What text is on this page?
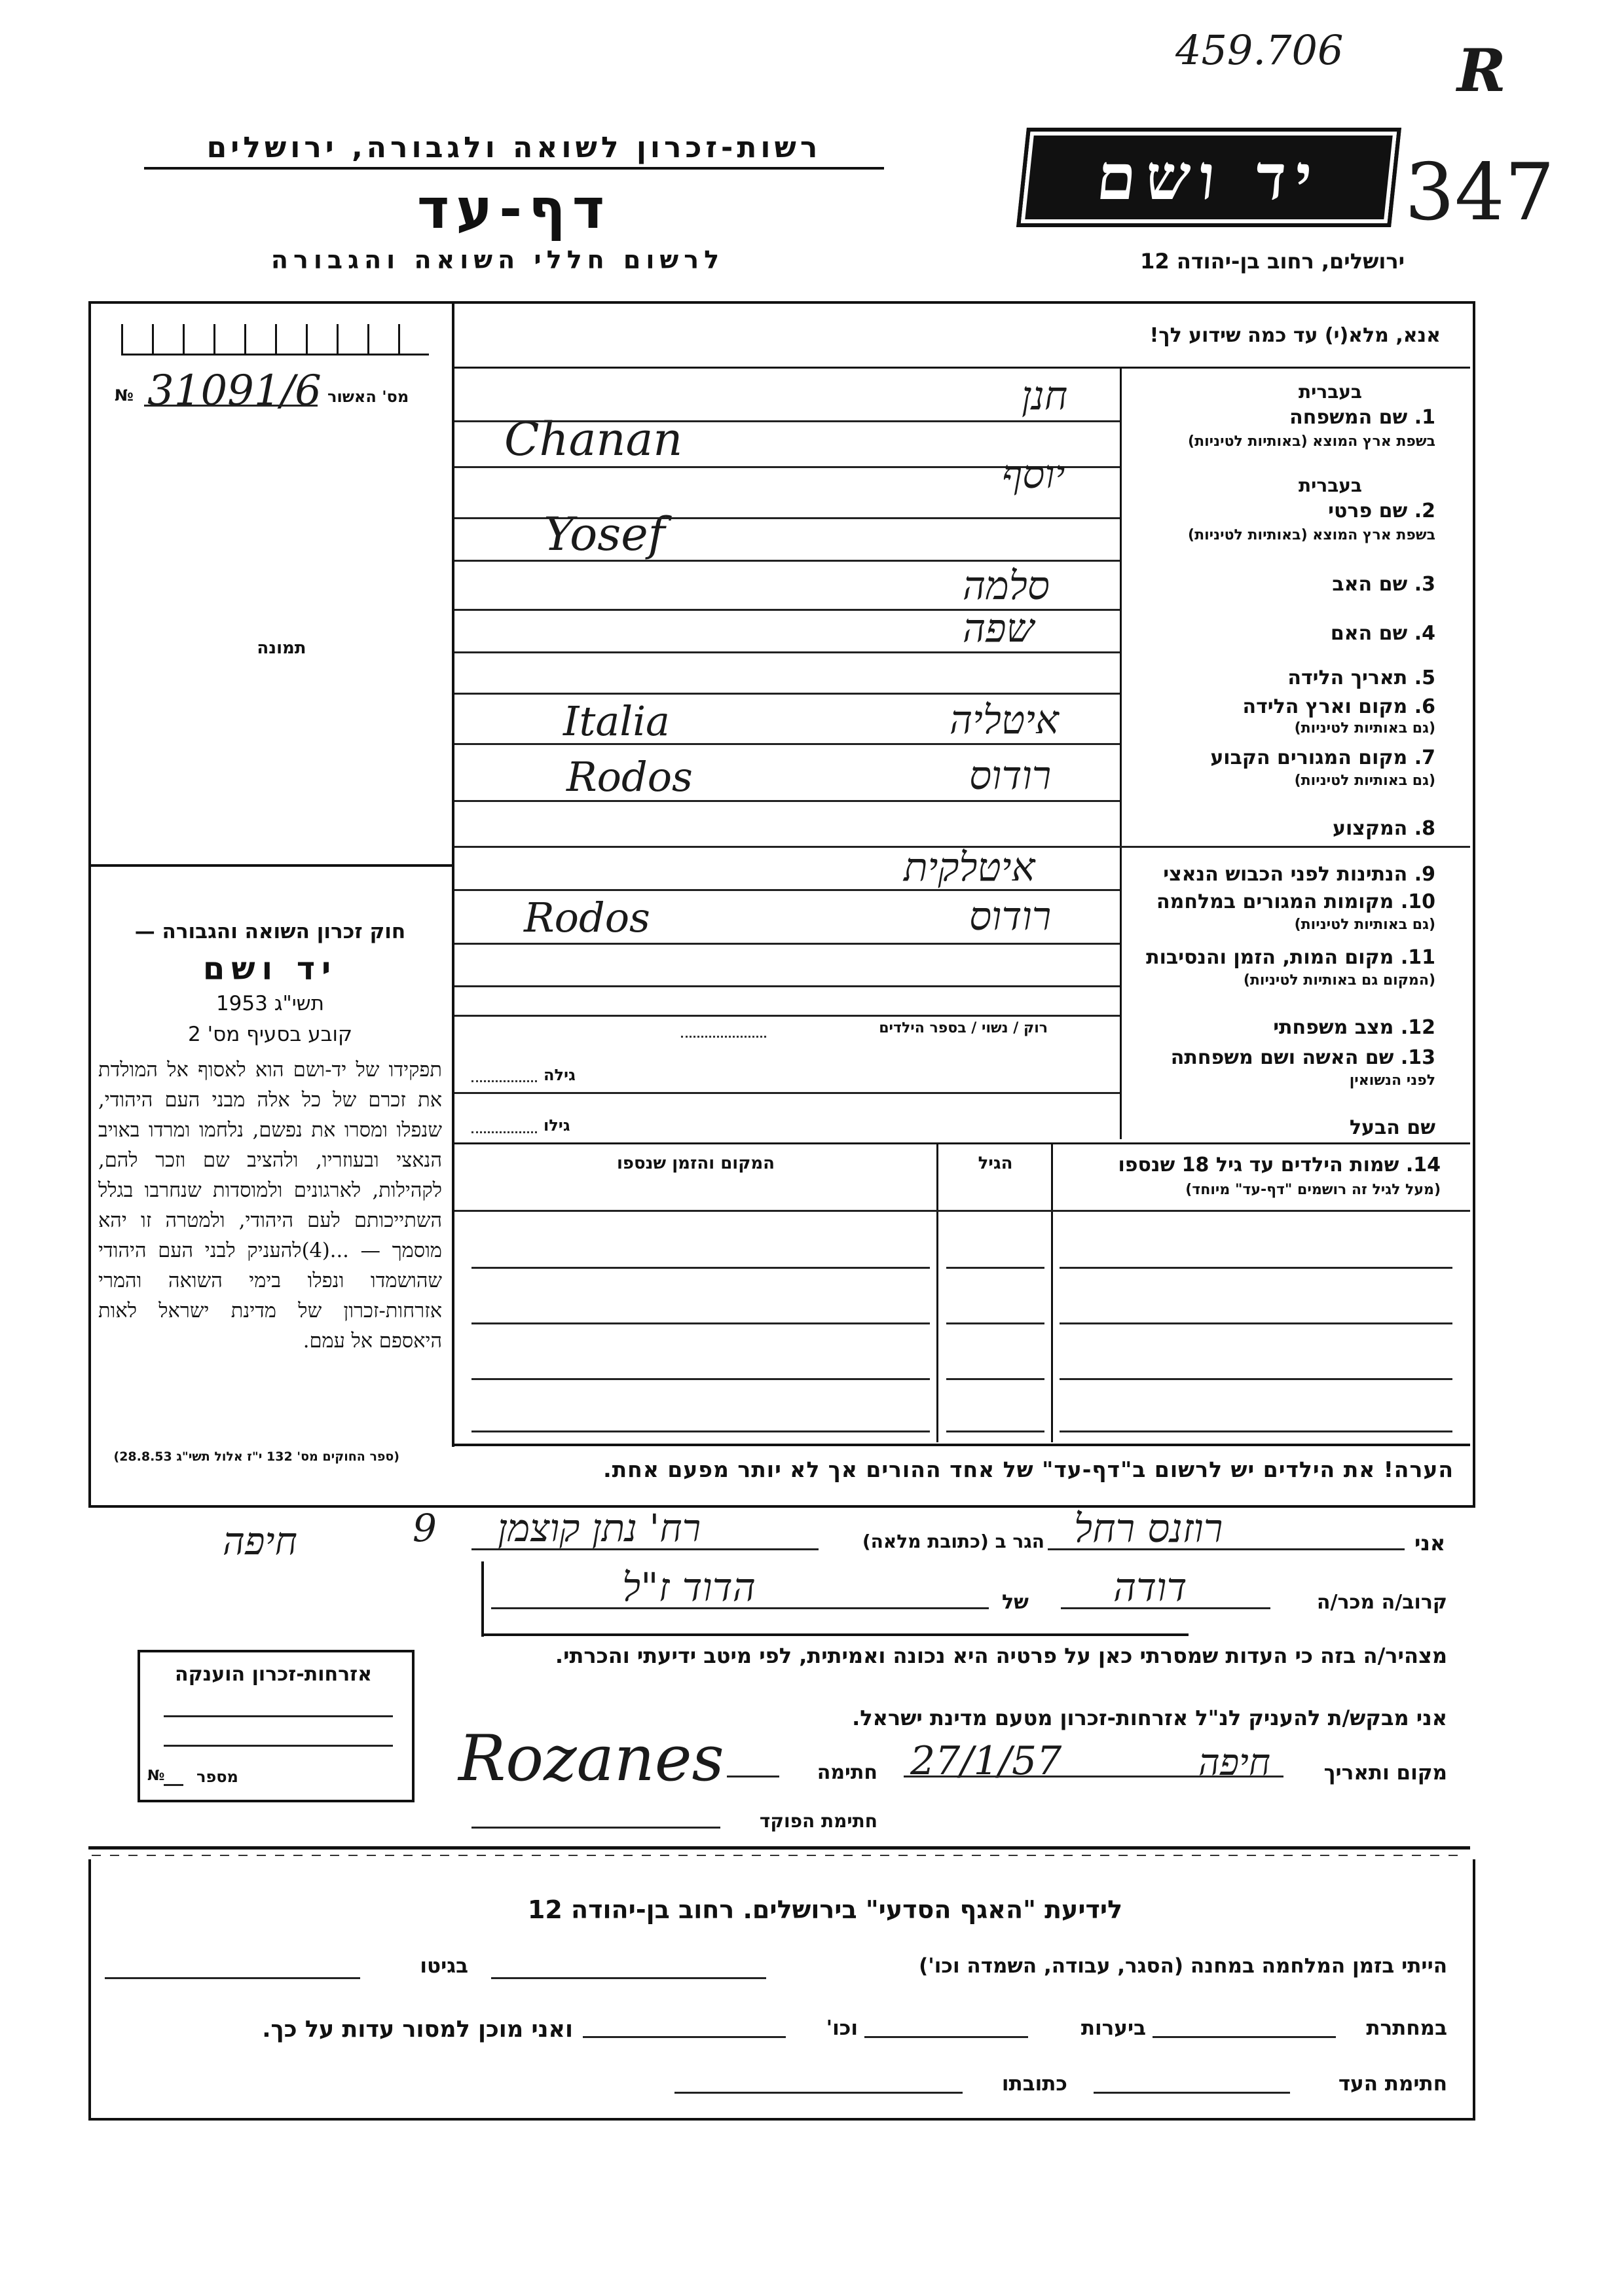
459.706 R
347
רשות-זכרון לשואה ולגבורה, ירושלים
דף-עד
לרשום חללי השואה והגבורה
יד ושם
ירושלים, רחוב בן-יהודה 12
אנא, מלא(י) עד כמה שידוע לך!
№ 31091/6 מס' האשור
תמונה
חוק זכרון השואה והגבורה —
יד ושם
תשי"ג 1953
קובע בסעיף מס' 2
תפקידו של יד-ושם הוא לאסוף אל המולדת את זכרם של כל אלה מבני העם היהודי, שנפלו ומסרו את נפשם, נלחמו ומרדו באויב הנאצי ובעוזריו, ולהציב שם וזכר להם, לקהילות, לארגונים ולמוסדות שנחרבו בגלל השתייכותם לעם היהודי, ולמטרה זו יהא מוסמך — ...(4)להעניק לבני העם היהודי שהושמדו ונפלו בימי השואה והמרי אזרחות-זכרון של מדינת ישראל לאות היאספם אל עמם.
(ספר החוקים מס' 132 י"ז אלול תשי"ג 28.8.53)
1. שם המשפחה
בעברית
בשפת ארץ המוצא (באותיות לטיניות)
חנן
Chanan
2. שם פרטי
בעברית
בשפת ארץ המוצא (באותיות לטיניות)
יוסף
Yosef
3. שם האב
סלמה
4. שם האם
שפה
5. תאריך הלידה
6. מקום וארץ הלידה
(גם באותיות לטיניות)
איטליה
Italia
7. מקום המגורים הקבוע
(גם באותיות לטיניות)
רודוס
Rodos
8. המקצוע
9. הנתינות לפני הכבוש הנאצי
איטלקית
10. מקומות המגורים במלחמה
(גם באותיות לטיניות)
רודוס
Rodos
11. מקום המות, הזמן והנסיבות
(המקום גם באותיות לטיניות)
12. מצב משפחתי
רוק / נשוי / בספר הילדים
13. שם האשה ושם משפחתה
לפני הנשואין
גילה
שם הבעל
גילו
14. שמות הילדים עד גיל 18 שנספו
(מעל לגיל זה רושמים "דף-עד" מיוחד)
הגיל
המקום והזמן שנספו
הערה! את הילדים יש לרשום ב"דף-עד" של אחד ההורים אך לא יותר מפעם אחת.
אני
רוזנס רחל
הגר ב (כתובת מלאה)
רח' נתן קוצמן
חיפה	9
קרוב/ה מכר/ה
דודה
של
הדוד ז"ל
מצהיר/ה בזה כי העדות שמסרתי כאן על פרטיה היא נכונה ואמיתית, לפי מיטב ידיעתי והכרתי.
אני מבקש/ת להעניק לנ"ל אזרחות-זכרון מטעם מדינת ישראל.
מקום ותאריך
חיפה
27/1/57
חתימה
Rozanes
חתימת הפוקד
אזרחות-זכרון הוענקה
מספר
№
לידיעת "האגף הסדעי" בירושלים. רחוב בן-יהודה 12
הייתי בזמן המלחמה במחנה (הסגר, עבודה, השמדה וכו')
בגיטו
במחתרת
ביערות
וכו'
ואני מוכן למסור עדות על כך.
חתימת העד
כתובתו
